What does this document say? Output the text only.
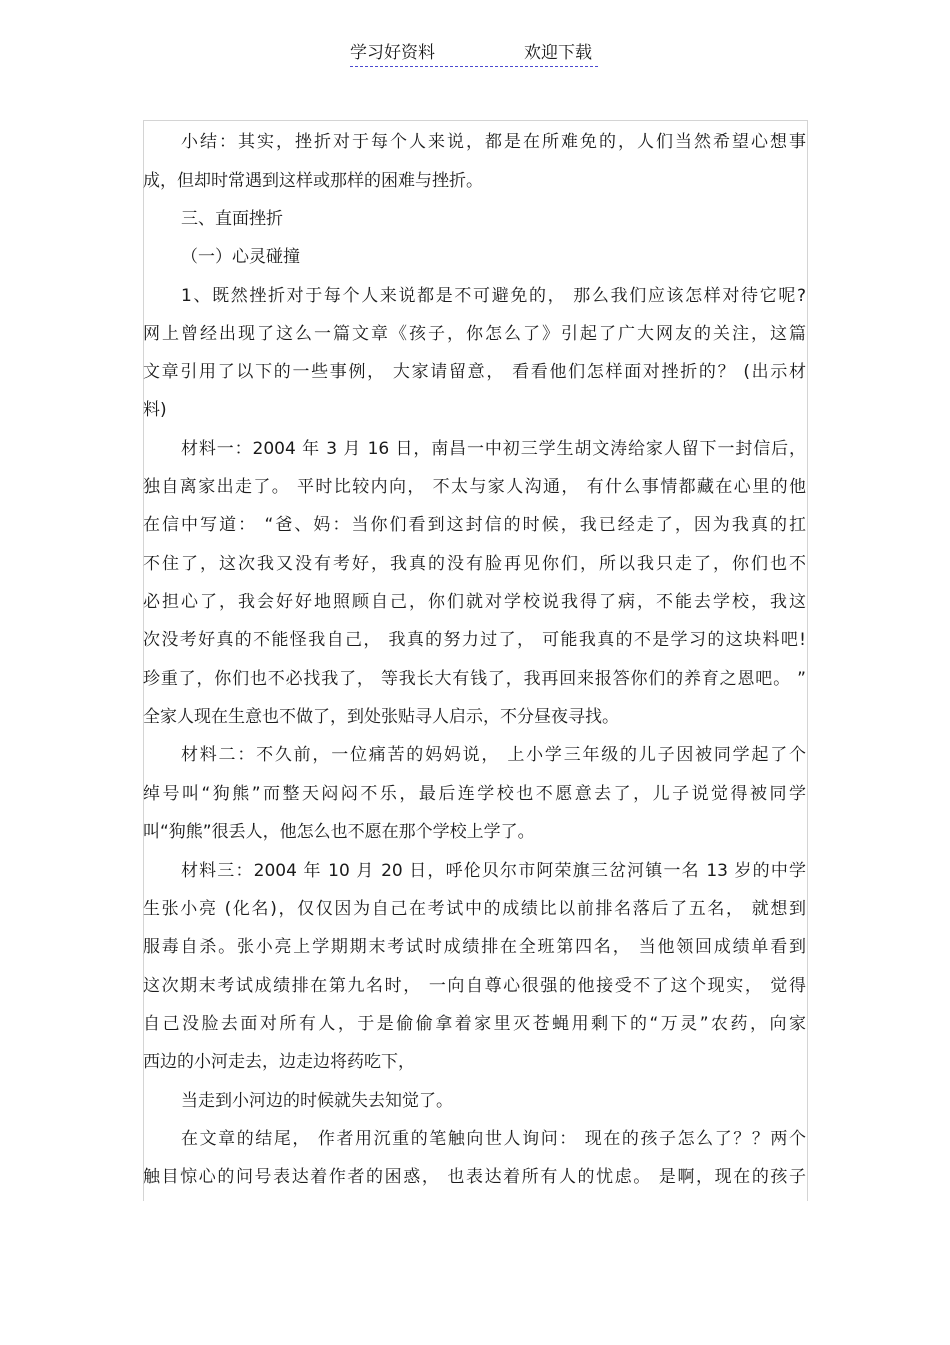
学习好资料	欢迎下载
小结：其实，挫折对于每个人来说，都是在所难免的，人们当然希望心想事
成，但却时常遇到这样或那样的困难与挫折。
三、直面挫折
（一）心灵碰撞
1、既然挫折对于每个人来说都是不可避免的， 那么我们应该怎样对待它呢?
网上曾经出现了这么一篇文章《孩子，你怎么了》引起了广大网友的关注，这篇
文章引用了以下的一些事例， 大家请留意， 看看他们怎样面对挫折的？ (出示材
料)
材料一：2004 年 3 月 16 日，南昌一中初三学生胡文涛给家人留下一封信后，
独自离家出走了。 平时比较内向， 不太与家人沟通， 有什么事情都藏在心里的他
在信中写道： “爸、妈：当你们看到这封信的时候，我已经走了，因为我真的扛
不住了，这次我又没有考好，我真的没有脸再见你们，所以我只走了，你们也不
必担心了，我会好好地照顾自己，你们就对学校说我得了病，不能去学校，我这
次没考好真的不能怪我自己， 我真的努力过了， 可能我真的不是学习的这块料吧!
珍重了，你们也不必找我了， 等我长大有钱了，我再回来报答你们的养育之恩吧。 ”
全家人现在生意也不做了，到处张贴寻人启示，不分昼夜寻找。
材料二：不久前，一位痛苦的妈妈说， 上小学三年级的儿子因被同学起了个
绰号叫“狗熊”而整天闷闷不乐，最后连学校也不愿意去了，儿子说觉得被同学
叫“狗熊”很丢人，他怎么也不愿在那个学校上学了。
材料三：2004 年 10 月 20 日，呼伦贝尔市阿荣旗三岔河镇一名 13 岁的中学
生张小亮 (化名)，仅仅因为自己在考试中的成绩比以前排名落后了五名， 就想到
服毒自杀。张小亮上学期期末考试时成绩排在全班第四名， 当他领回成绩单看到
这次期末考试成绩排在第九名时， 一向自尊心很强的他接受不了这个现实， 觉得
自己没脸去面对所有人，于是偷偷拿着家里灭苍蝇用剩下的“万灵”农药，向家
西边的小河走去，边走边将药吃下，
当走到小河边的时候就失去知觉了。
在文章的结尾， 作者用沉重的笔触向世人询问： 现在的孩子怎么了？？两个
触目惊心的问号表达着作者的困惑， 也表达着所有人的忧虑。 是啊，现在的孩子
